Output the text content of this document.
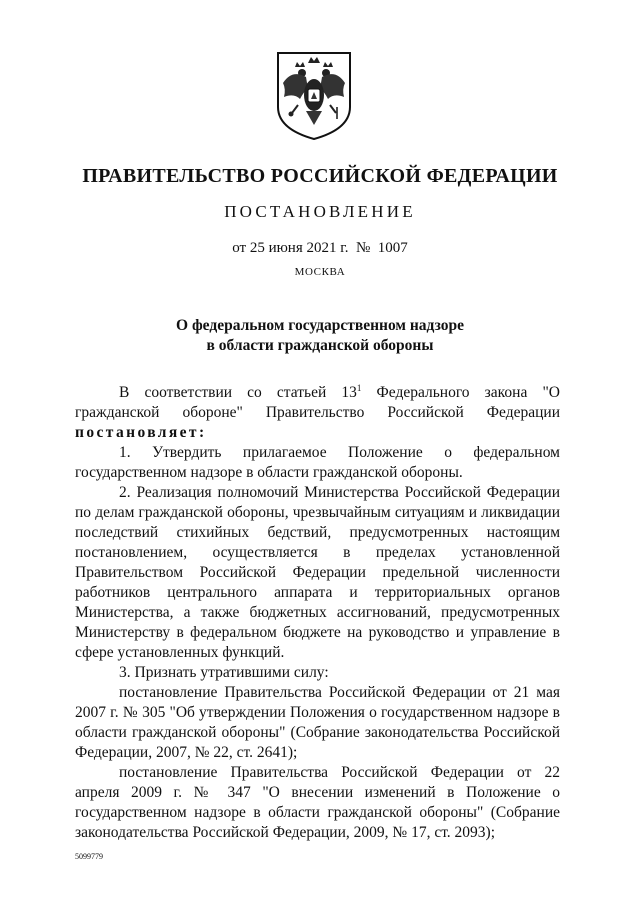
ПРАВИТЕЛЬСТВО РОССИЙСКОЙ ФЕДЕРАЦИИ
ПОСТАНОВЛЕНИЕ
от 25 июня 2021 г.  №  1007
МОСКВА
О федеральном государственном надзоре
в области гражданской обороны

В соответствии со статьей $13^1$ Федерального закона "О гражданской обороне" Правительство Российской Федерации постановляет:

1. Утвердить прилагаемое Положение о федеральном государственном надзоре в области гражданской обороны.

2. Реализация полномочий Министерства Российской Федерации по делам гражданской обороны, чрезвычайным ситуациям и ликвидации последствий стихийных бедствий, предусмотренных настоящим постановлением, осуществляется в пределах установленной Правительством Российской Федерации предельной численности работников центрального аппарата и территориальных органов Министерства, а также бюджетных ассигнований, предусмотренных Министерству в федеральном бюджете на руководство и управление в сфере установленных функций.

3. Признать утратившими силу:

постановление Правительства Российской Федерации от 21 мая 2007 г. № 305 "Об утверждении Положения о государственном надзоре в области гражданской обороны" (Собрание законодательства Российской Федерации, 2007, № 22, ст. 2641);

постановление Правительства Российской Федерации от 22 апреля 2009 г. № 347 "О внесении изменений в Положение о государственном надзоре в области гражданской обороны" (Собрание законодательства Российской Федерации, 2009, № 17, ст. 2093);

5099779
